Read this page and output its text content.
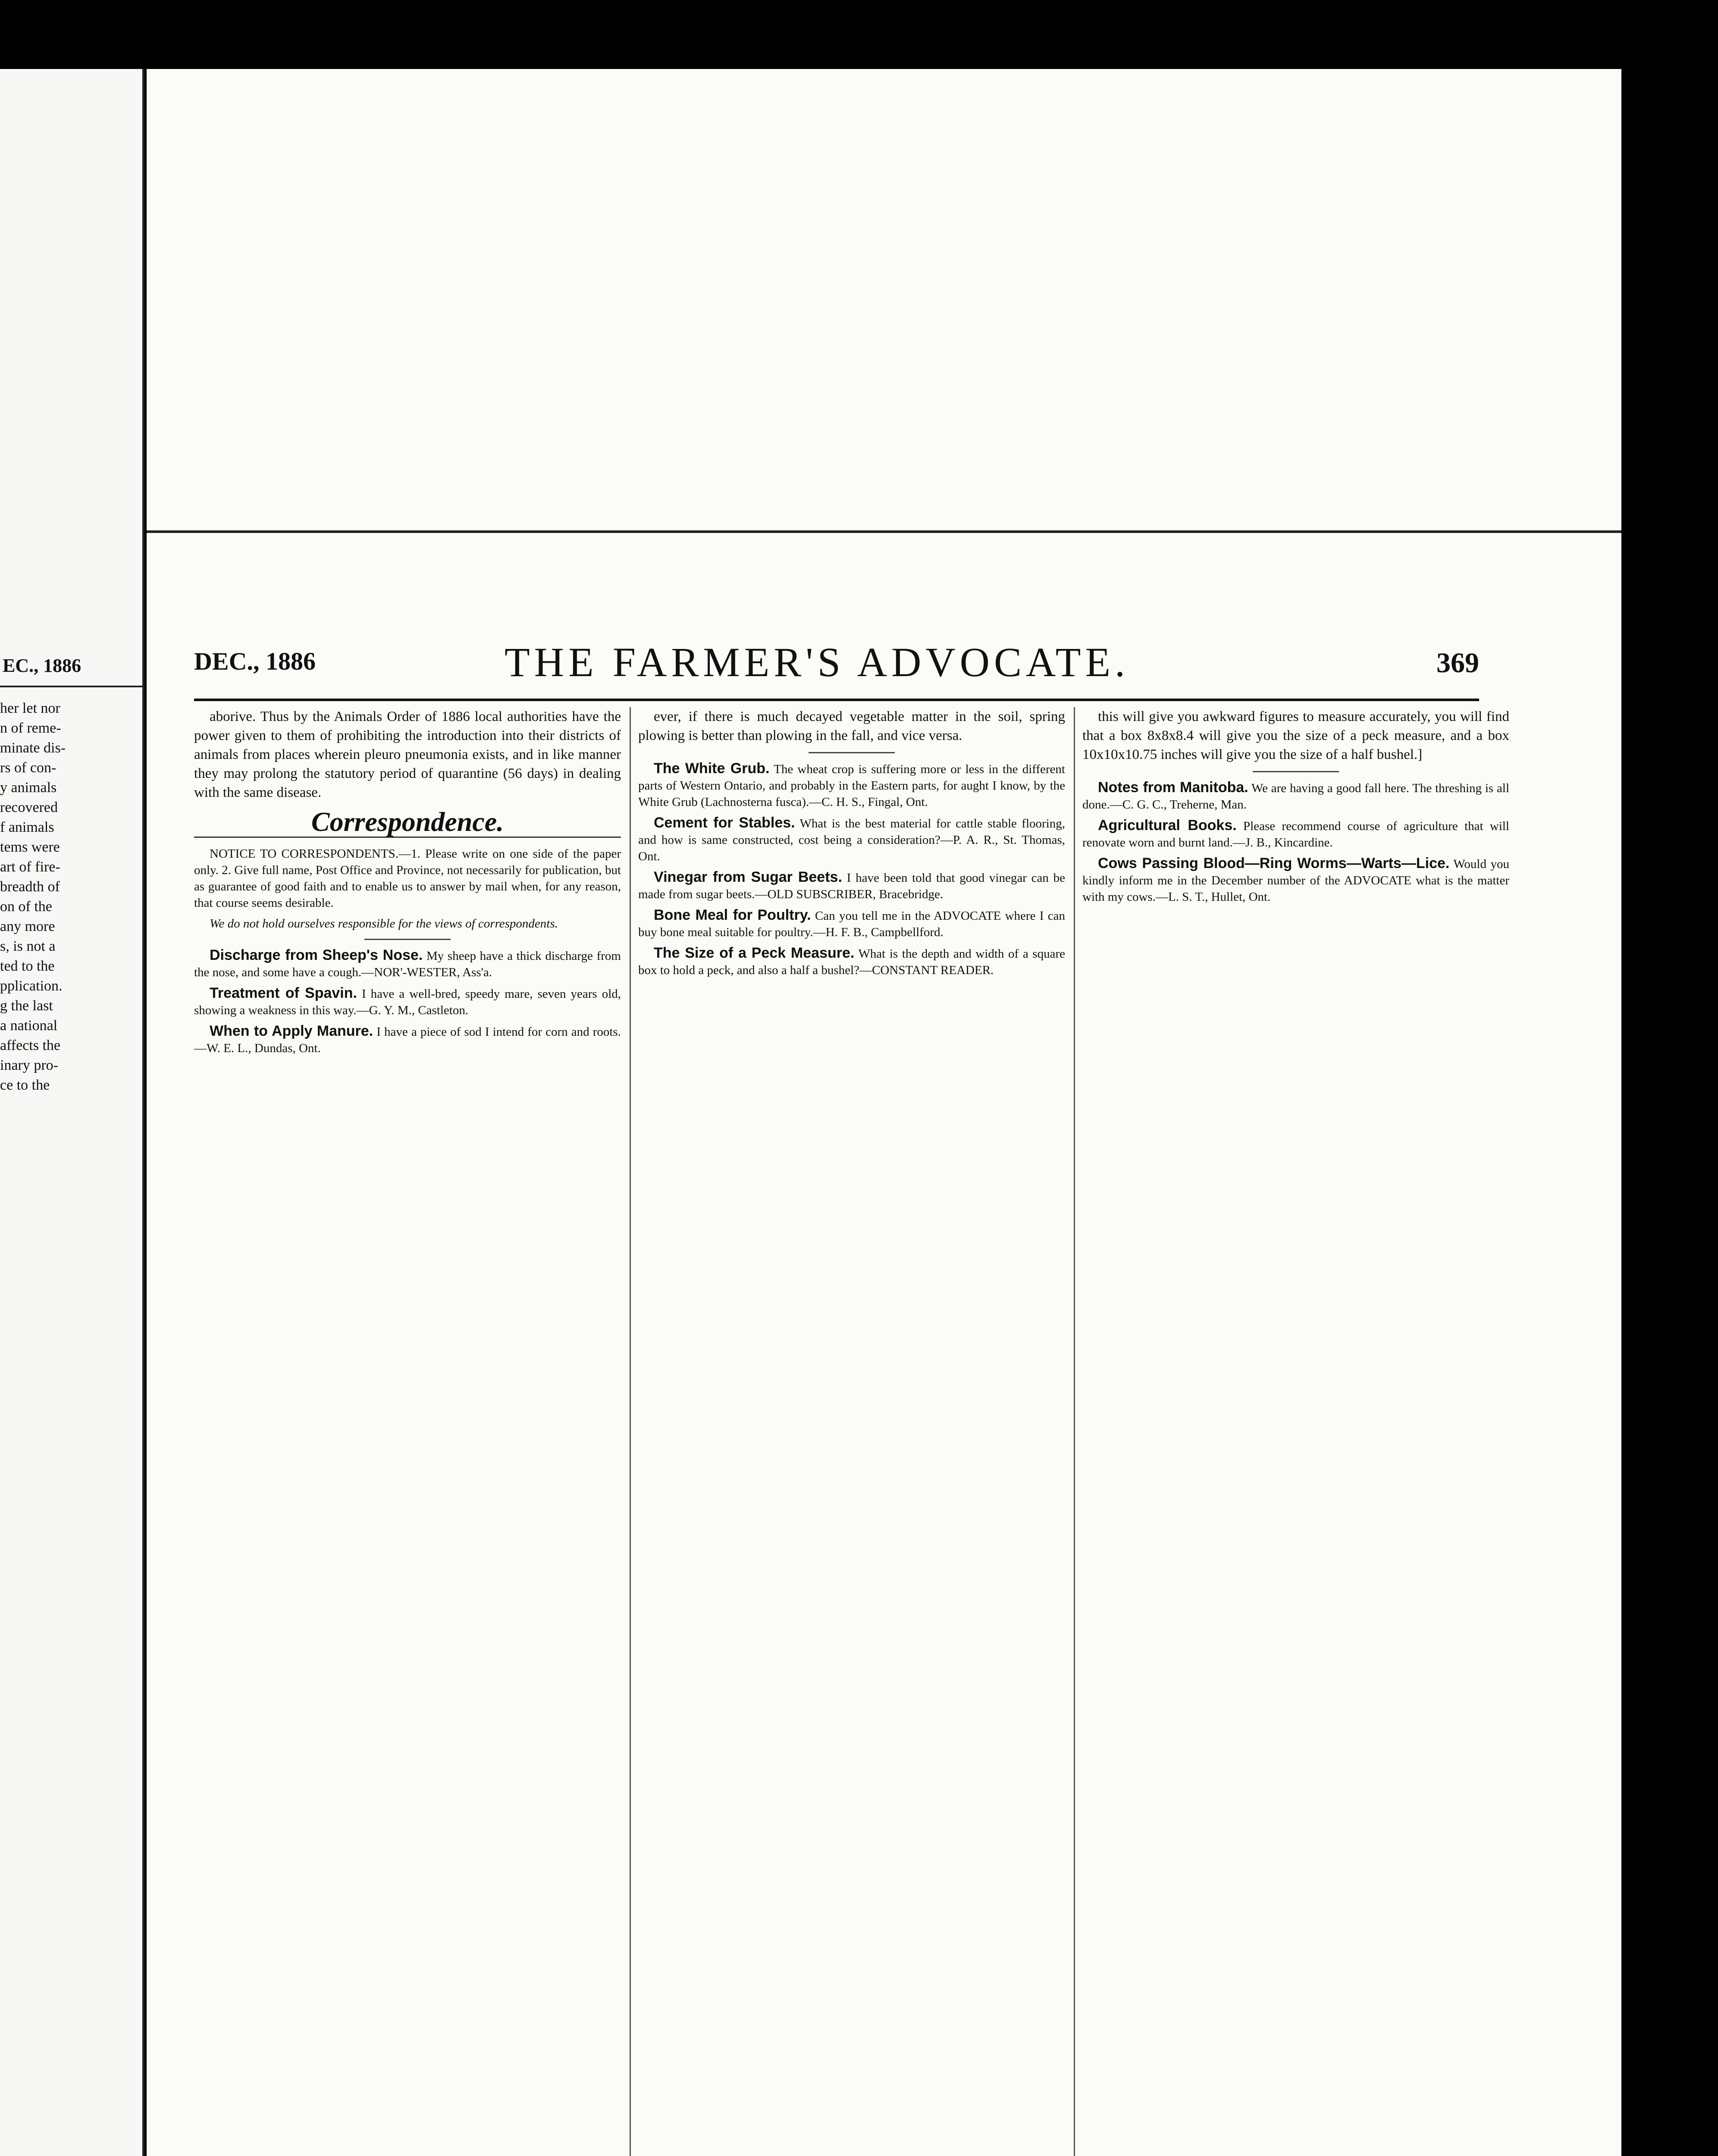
EC., 1886
her let nor
n of reme-
minate dis-
rs of con-
y animals
recovered
f animals
tems were
art of fire-
breadth of
on of the
any more
s, is not a
ted to the
pplication.
g the last
a national
affects the
inary pro-
ce to the
DEC., 1886	THE FARMER'S ADVOCATE.	369

aborive. Thus by the Animals Order of 1886 local authorities have the power given to them of prohibiting the introduction into their districts of animals from places wherein pleuro pneumonia exists, and in like manner they may prolong the statutory period of quarantine (56 days) in dealing with the same disease.

Correspondence.

NOTICE TO CORRESPONDENTS.—1. Please write on one side of the paper only. 2. Give full name, Post Office and Province, not necessarily for publication, but as guarantee of good faith and to enable us to answer by mail when, for any reason, that course seems desirable.

We do not hold ourselves responsible for the views of correspondents.

Discharge from Sheep's Nose. My sheep have a thick discharge from the nose, and some have a cough.—NOR'-WESTER, Ass'a.

Treatment of Spavin. I have a well-bred, speedy mare, seven years old, showing a weakness in this way.—G. Y. M., Castleton.

When to Apply Manure. I have a piece of sod I intend for corn and roots.—W. E. L., Dundas, Ont.

ever, if there is much decayed vegetable matter in the soil, spring plowing is better than plowing in the fall, and vice versa.

The White Grub. The wheat crop is suffering more or less in the different parts of Western Ontario, and probably in the Eastern parts, for aught I know, by the White Grub (Lachnosterna fusca).—C. H. S., Fingal, Ont.

Cement for Stables. What is the best material for cattle stable flooring, and how is same constructed, cost being a consideration?—P. A. R., St. Thomas, Ont.

Vinegar from Sugar Beets. I have been told that good vinegar can be made from sugar beets.—OLD SUBSCRIBER, Bracebridge.

Bone Meal for Poultry. Can you tell me in the ADVOCATE where I can buy bone meal suitable for poultry.—H. F. B., Campbellford.

The Size of a Peck Measure. What is the depth and width of a square box to hold a peck, and also a half a bushel?—CONSTANT READER.

this will give you awkward figures to measure accurately, you will find that a box 8x8x8.4 will give you the size of a peck measure, and a box 10x10x10.75 inches will give you the size of a half bushel.]

Notes from Manitoba. We are having a good fall here. The threshing is all done.—C. G. C., Treherne, Man.

Agricultural Books. Please recommend course of agriculture that will renovate worn and burnt land.—J. B., Kincardine.

Cows Passing Blood—Ring Worms—Warts—Lice. Would you kindly inform me in the December number of the ADVOCATE what is the matter with my cows.—L. S. T., Hullet, Ont.
